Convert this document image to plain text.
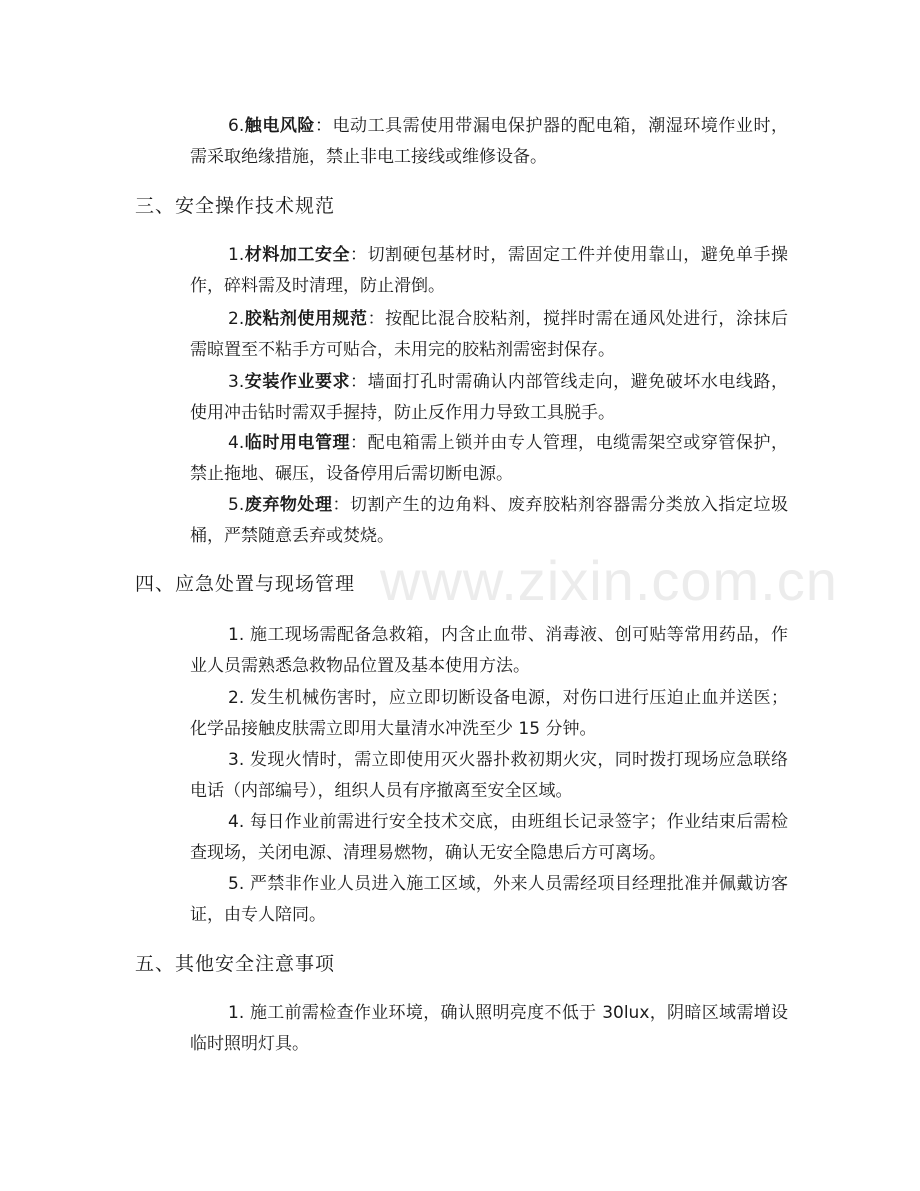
www.zixin.com.cn

6.触电风险：电动工具需使用带漏电保护器的配电箱，潮湿环境作业时，需采取绝缘措施，禁止非电工接线或维修设备。

三、安全操作技术规范

1.材料加工安全：切割硬包基材时，需固定工件并使用靠山，避免单手操作，碎料需及时清理，防止滑倒。

2.胶粘剂使用规范：按配比混合胶粘剂，搅拌时需在通风处进行，涂抹后需晾置至不粘手方可贴合，未用完的胶粘剂需密封保存。

3.安装作业要求：墙面打孔时需确认内部管线走向，避免破坏水电线路，使用冲击钻时需双手握持，防止反作用力导致工具脱手。

4.临时用电管理：配电箱需上锁并由专人管理，电缆需架空或穿管保护，禁止拖地、碾压，设备停用后需切断电源。

5.废弃物处理：切割产生的边角料、废弃胶粘剂容器需分类放入指定垃圾桶，严禁随意丢弃或焚烧。

四、应急处置与现场管理

1. 施工现场需配备急救箱，内含止血带、消毒液、创可贴等常用药品，作业人员需熟悉急救物品位置及基本使用方法。

2. 发生机械伤害时，应立即切断设备电源，对伤口进行压迫止血并送医；化学品接触皮肤需立即用大量清水冲洗至少 15 分钟。

3. 发现火情时，需立即使用灭火器扑救初期火灾，同时拨打现场应急联络电话（内部编号），组织人员有序撤离至安全区域。

4. 每日作业前需进行安全技术交底，由班组长记录签字；作业结束后需检查现场，关闭电源、清理易燃物，确认无安全隐患后方可离场。

5. 严禁非作业人员进入施工区域，外来人员需经项目经理批准并佩戴访客证，由专人陪同。

五、其他安全注意事项

1. 施工前需检查作业环境，确认照明亮度不低于 30lux，阴暗区域需增设临时照明灯具。
